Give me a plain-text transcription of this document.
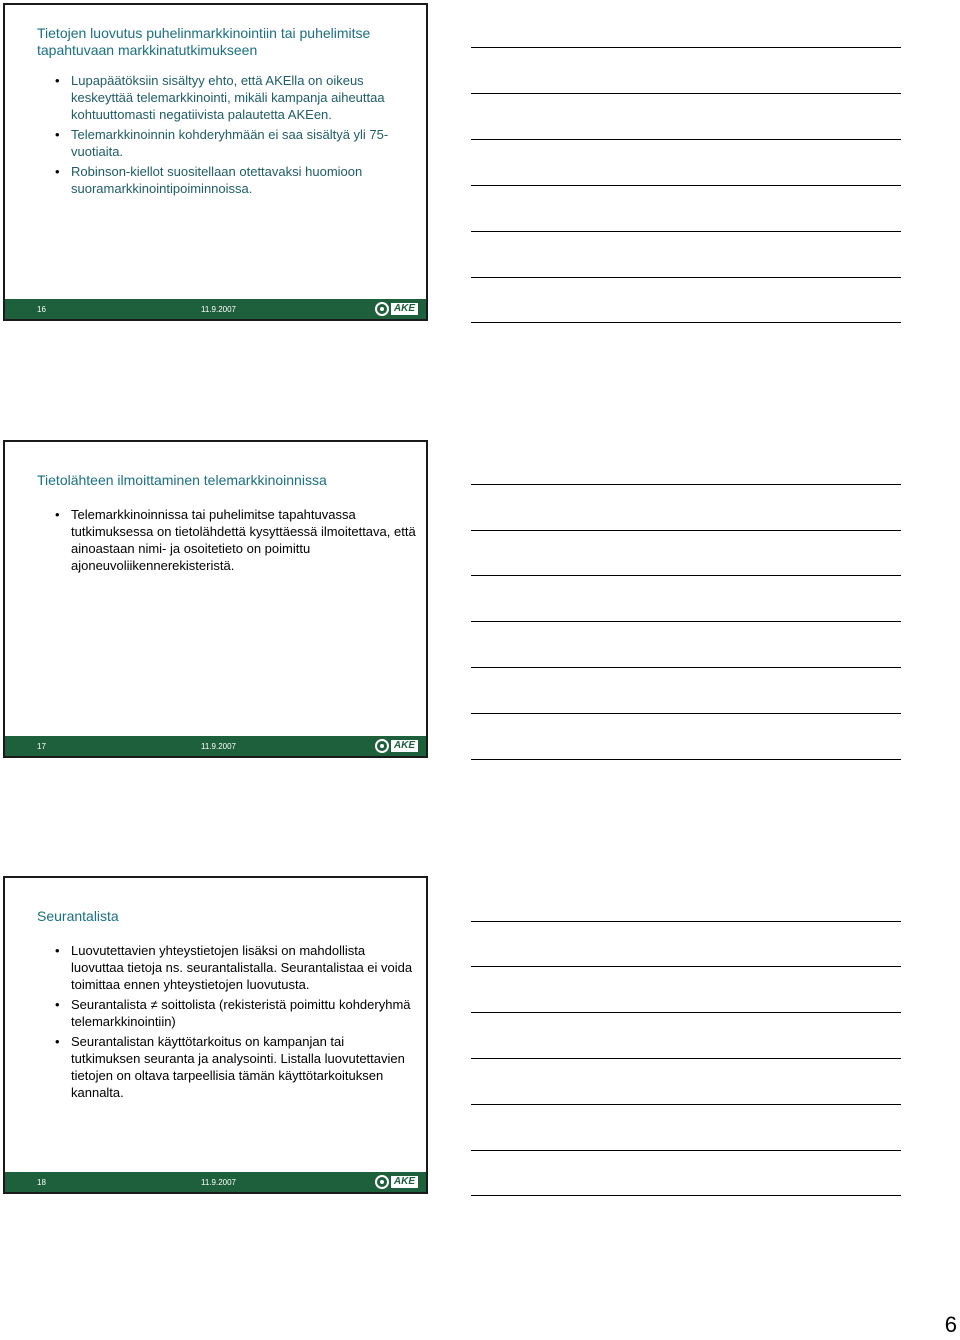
Tietojen luovutus puhelinmarkkinointiin tai puhelimitse tapahtuvaan markkinatutkimukseen
• Lupapäätöksiin sisältyy ehto, että AKElla on oikeus keskeyttää telemarkkinointi, mikäli kampanja aiheuttaa kohtuuttomasti negatiivista palautetta AKEen.
• Telemarkkinoinnin kohderyhmään ei saa sisältyä yli 75-vuotiaita.
• Robinson-kiellot suositellaan otettavaksi huomioon suoramarkkinointipoiminnoissa.
16	11.9.2007	AKE
Tietolähteen ilmoittaminen telemarkkinoinnissa
• Telemarkkinoinnissa tai puhelimitse tapahtuvassa tutkimuksessa on tietolähdettä kysyttäessä ilmoitettava, että ainoastaan nimi- ja osoitetieto on poimittu ajoneuvoliikennerekisteristä.
17	11.9.2007	AKE
Seurantalista
• Luovutettavien yhteystietojen lisäksi on mahdollista luovuttaa tietoja ns. seurantalistalla. Seurantalistaa ei voida toimittaa ennen yhteystietojen luovutusta.
• Seurantalista ≠ soittolista (rekisteristä poimittu kohderyhmä telemarkkinointiin)
• Seurantalistan käyttötarkoitus on kampanjan tai tutkimuksen seuranta ja analysointi. Listalla luovutettavien tietojen on oltava tarpeellisia tämän käyttötarkoituksen kannalta.
18	11.9.2007	AKE
6
